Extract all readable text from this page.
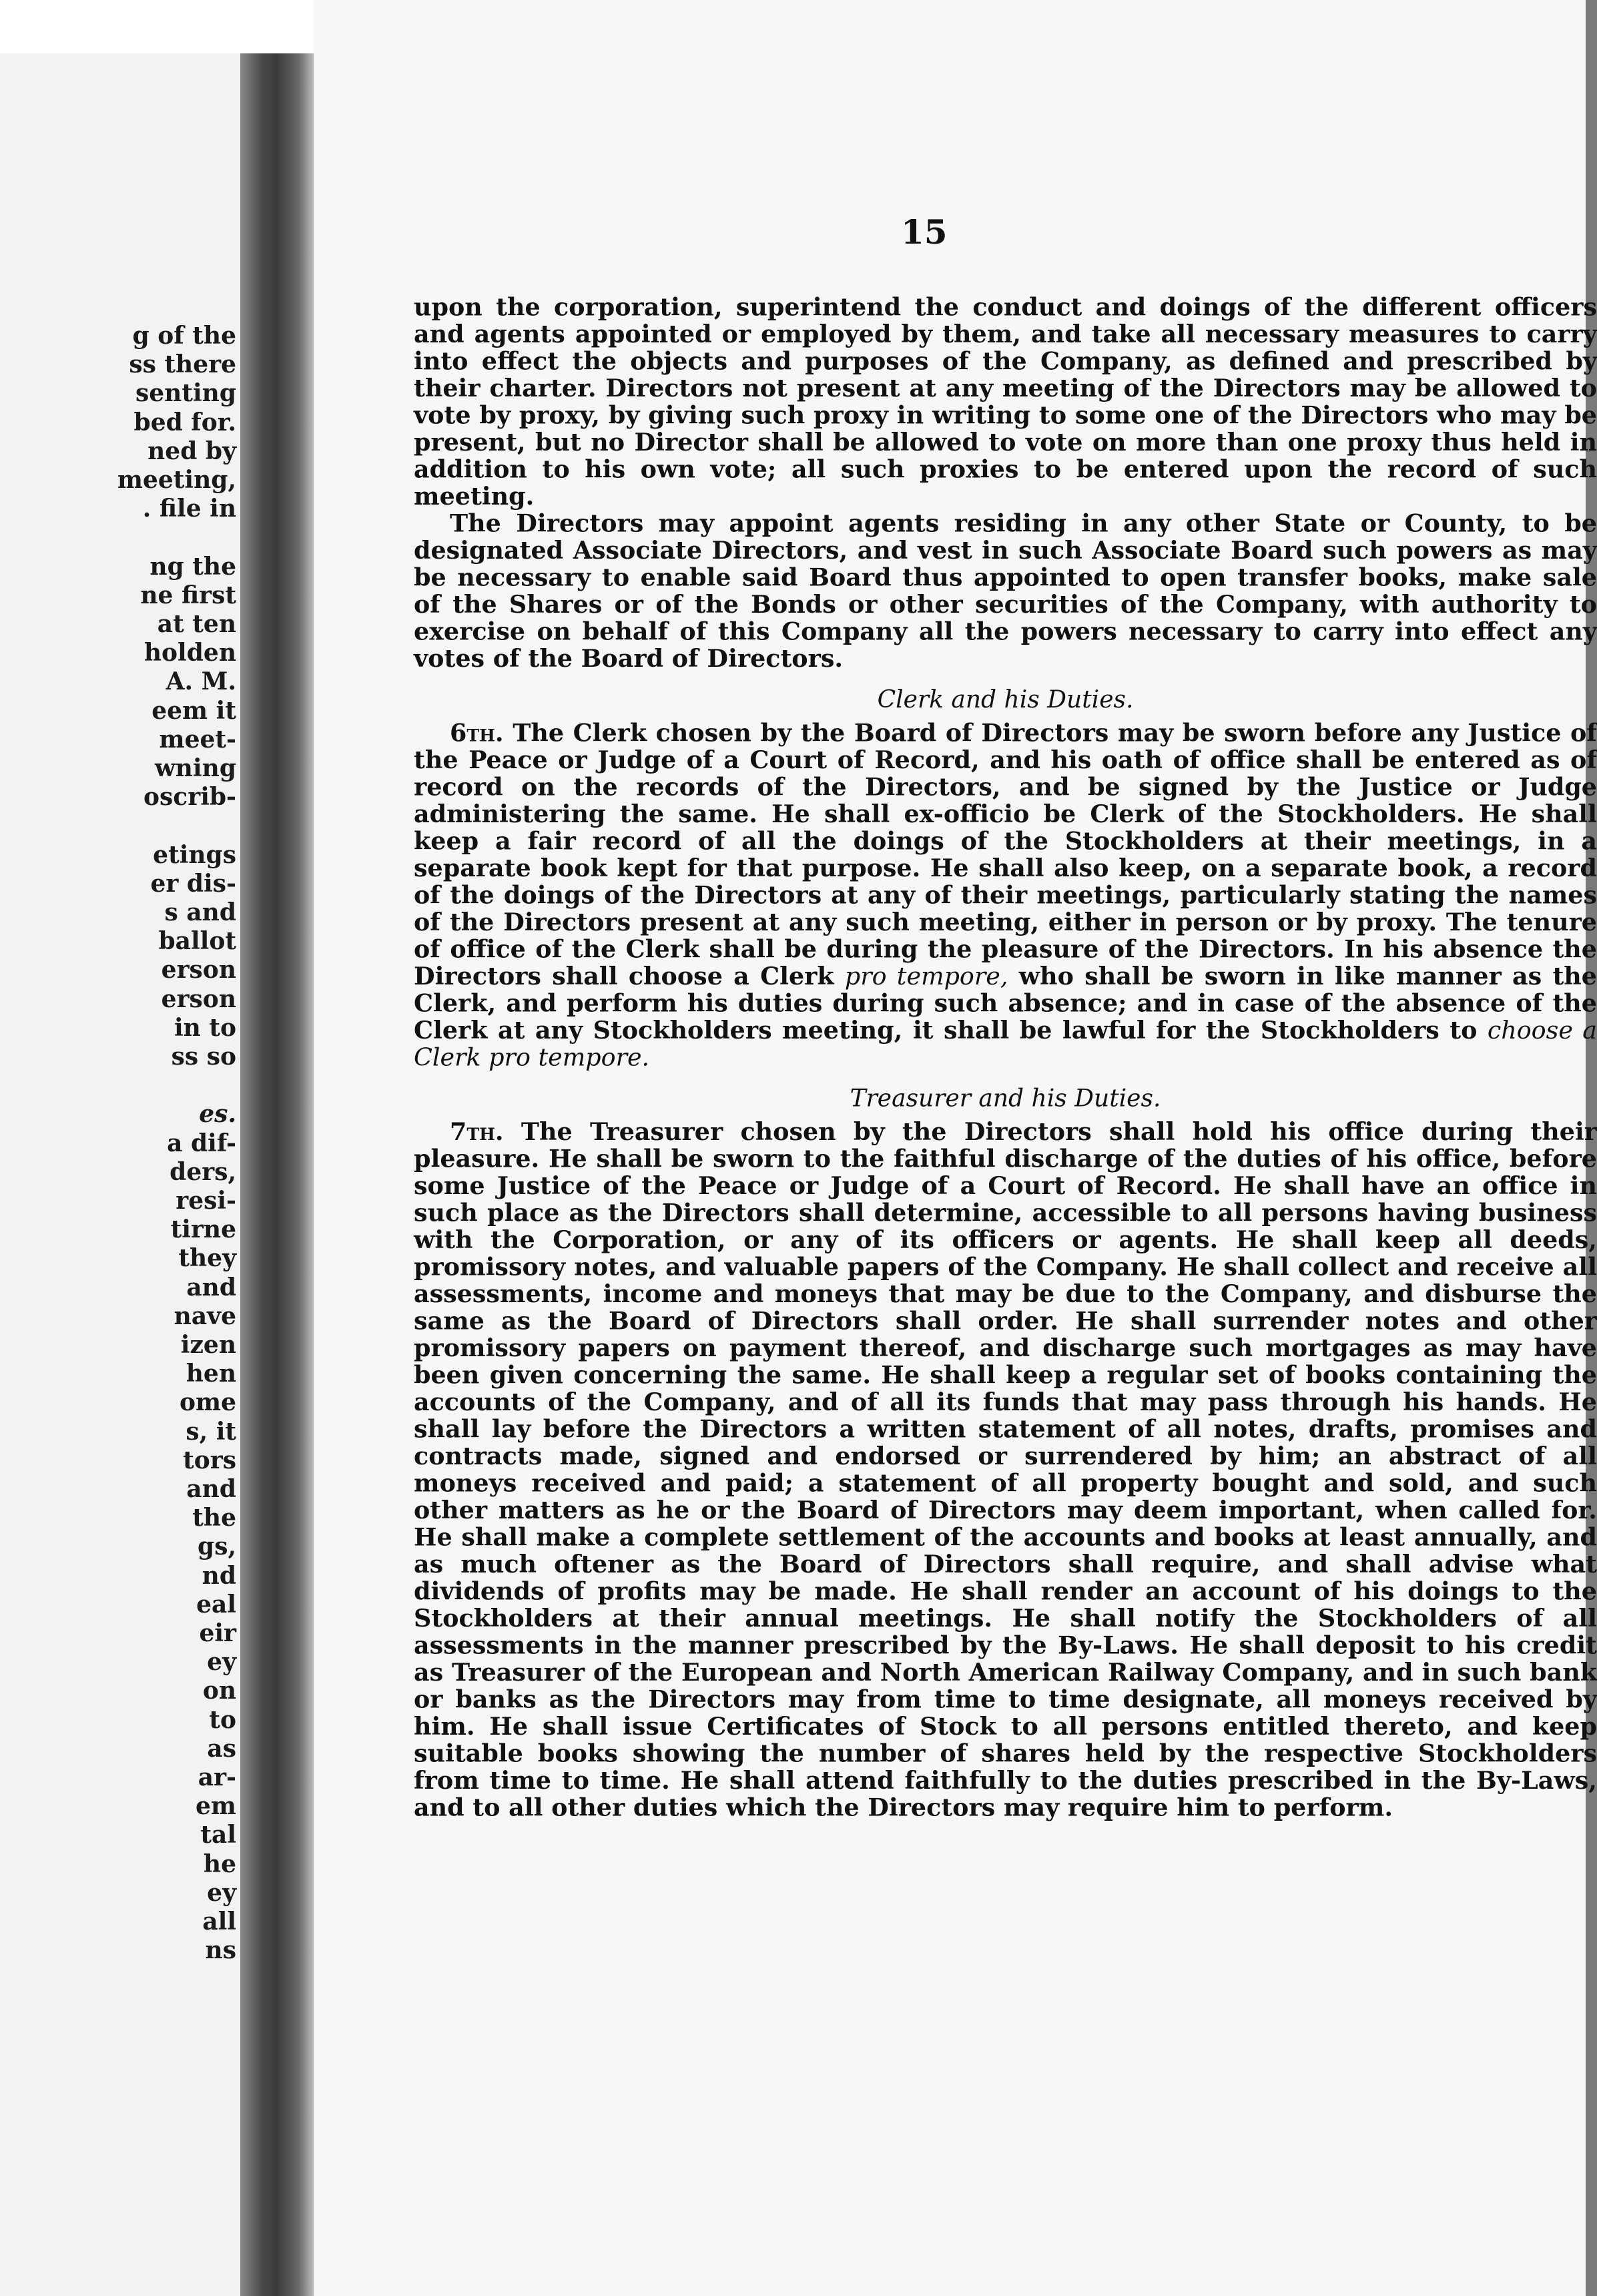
g of the
ss there
senting
bed for.
ned by
meeting,
. file in
ng the
ne first
at ten
holden
A. M.
eem it
meet-
wning
oscrib-
etings
er dis-
s and
ballot
erson
erson
in to
ss so
es.
a dif-
ders,
resi-
tirne
they
and
nave
izen
hen
ome
s, it
tors
and
the
gs,
nd
eal
eir
ey
on
to
as
ar-
em
tal
he
ey
all
ns
15

upon the corporation, superintend the conduct and doings of the different officers and agents appointed or employed by them, and take all necessary measures to carry into effect the objects and purposes of the Company, as defined and prescribed by their charter. Directors not present at any meeting of the Directors may be allowed to vote by proxy, by giving such proxy in writing to some one of the Directors who may be present, but no Director shall be allowed to vote on more than one proxy thus held in addition to his own vote; all such proxies to be entered upon the record of such meeting.

The Directors may appoint agents residing in any other State or County, to be designated Associate Directors, and vest in such Associate Board such powers as may be necessary to enable said Board thus appointed to open transfer books, make sale of the Shares or of the Bonds or other securities of the Company, with authority to exercise on behalf of this Company all the powers necessary to carry into effect any votes of the Board of Directors.

Clerk and his Duties.

6th. The Clerk chosen by the Board of Directors may be sworn before any Justice of the Peace or Judge of a Court of Record, and his oath of office shall be entered as of record on the records of the Directors, and be signed by the Justice or Judge administering the same. He shall ex-officio be Clerk of the Stockholders. He shall keep a fair record of all the doings of the Stockholders at their meetings, in a separate book kept for that purpose. He shall also keep, on a separate book, a record of the doings of the Directors at any of their meetings, particularly stating the names of the Directors present at any such meeting, either in person or by proxy. The tenure of office of the Clerk shall be during the pleasure of the Directors. In his absence the Directors shall choose a Clerk pro tempore, who shall be sworn in like manner as the Clerk, and perform his duties during such absence; and in case of the absence of the Clerk at any Stockholders meeting, it shall be lawful for the Stockholders to choose a Clerk pro tempore.

Treasurer and his Duties.

7th. The Treasurer chosen by the Directors shall hold his office during their pleasure. He shall be sworn to the faithful discharge of the duties of his office, before some Justice of the Peace or Judge of a Court of Record. He shall have an office in such place as the Directors shall determine, accessible to all persons having business with the Corporation, or any of its officers or agents. He shall keep all deeds, promissory notes, and valuable papers of the Company. He shall collect and receive all assessments, income and moneys that may be due to the Company, and disburse the same as the Board of Directors shall order. He shall surrender notes and other promissory papers on payment thereof, and discharge such mortgages as may have been given concerning the same. He shall keep a regular set of books containing the accounts of the Company, and of all its funds that may pass through his hands. He shall lay before the Directors a written statement of all notes, drafts, promises and contracts made, signed and endorsed or surrendered by him; an abstract of all moneys received and paid; a statement of all property bought and sold, and such other matters as he or the Board of Directors may deem important, when called for. He shall make a complete settlement of the accounts and books at least annually, and as much oftener as the Board of Directors shall require, and shall advise what dividends of profits may be made. He shall render an account of his doings to the Stockholders at their annual meetings. He shall notify the Stockholders of all assessments in the manner prescribed by the By-Laws. He shall deposit to his credit as Treasurer of the European and North American Railway Company, and in such bank or banks as the Directors may from time to time designate, all moneys received by him. He shall issue Certificates of Stock to all persons entitled thereto, and keep suitable books showing the number of shares held by the respective Stockholders from time to time. He shall attend faithfully to the duties prescribed in the By-Laws, and to all other duties which the Directors may require him to perform.
